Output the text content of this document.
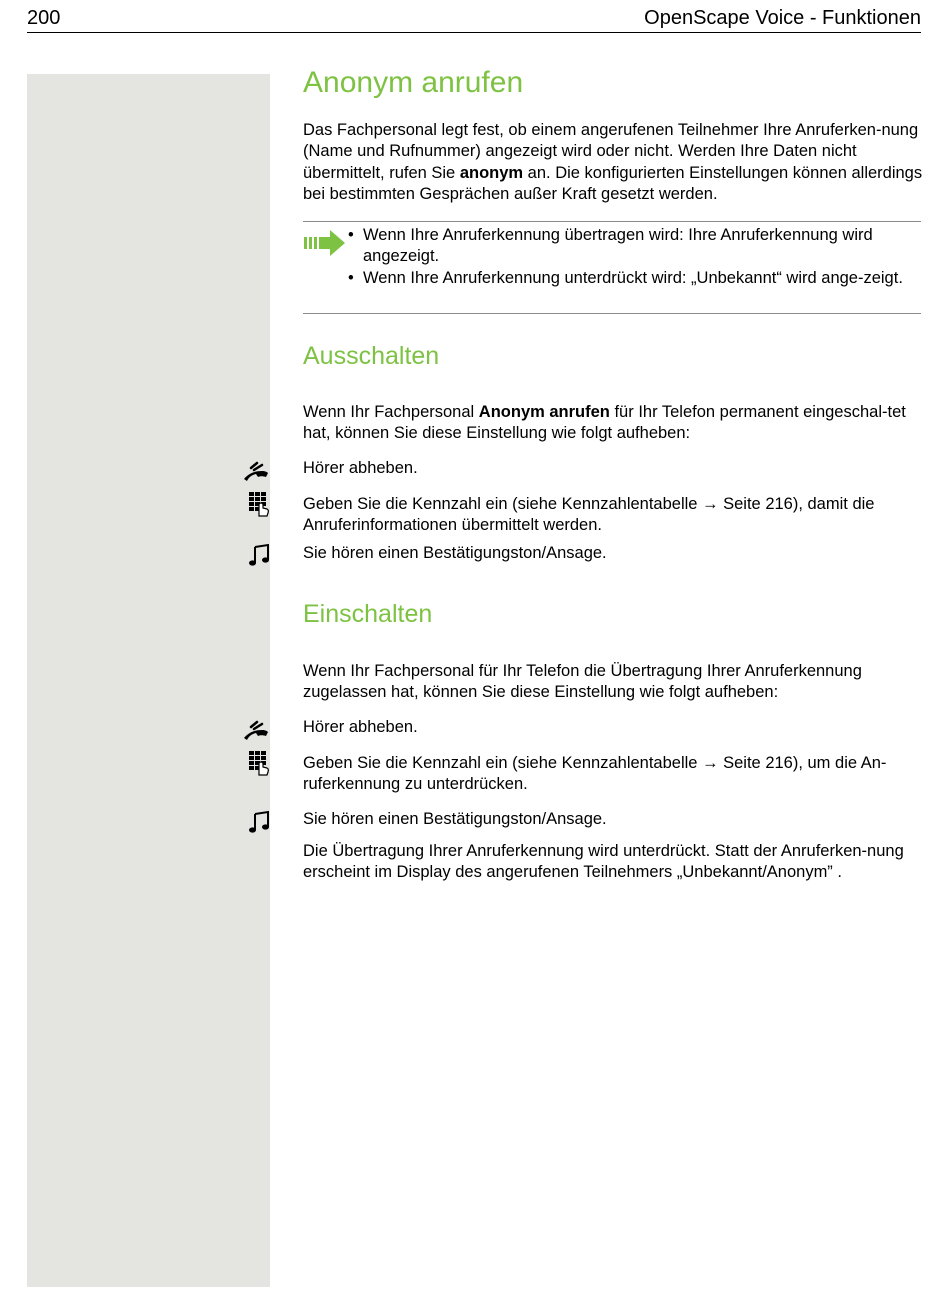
200	OpenScape Voice - Funktionen
Anonym anrufen
Das Fachpersonal legt fest, ob einem angerufenen Teilnehmer Ihre Anruferken-nung (Name und Rufnummer) angezeigt wird oder nicht. Werden Ihre Daten nicht übermittelt, rufen Sie anonym an. Die konfigurierten Einstellungen können allerdings bei bestimmten Gesprächen außer Kraft gesetzt werden.
• Wenn Ihre Anruferkennung übertragen wird: Ihre Anruferkennung wird angezeigt.
• Wenn Ihre Anruferkennung unterdrückt wird: „Unbekannt“ wird ange-zeigt.
Ausschalten
Wenn Ihr Fachpersonal Anonym anrufen für Ihr Telefon permanent eingeschal-tet hat, können Sie diese Einstellung wie folgt aufheben:
Hörer abheben.
Geben Sie die Kennzahl ein (siehe Kennzahlentabelle → Seite 216), damit die Anruferinformationen übermittelt werden.
Sie hören einen Bestätigungston/Ansage.
Einschalten
Wenn Ihr Fachpersonal für Ihr Telefon die Übertragung Ihrer Anruferkennung zugelassen hat, können Sie diese Einstellung wie folgt aufheben:
Hörer abheben.
Geben Sie die Kennzahl ein (siehe Kennzahlentabelle → Seite 216), um die An-ruferkennung zu unterdrücken.
Sie hören einen Bestätigungston/Ansage.
Die Übertragung Ihrer Anruferkennung wird unterdrückt. Statt der Anruferken-nung erscheint im Display des angerufenen Teilnehmers „Unbekannt/Anonym” .
